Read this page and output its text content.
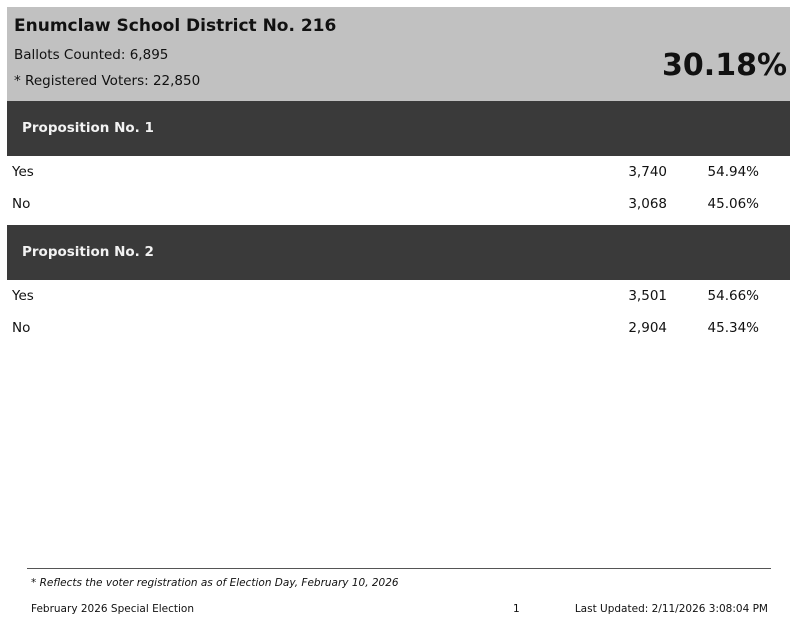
Enumclaw School District No. 216
Ballots Counted: 6,895
* Registered Voters: 22,850	30.18%
Proposition No. 1
Yes	3,740	54.94%
No	3,068	45.06%
Proposition No. 2
Yes	3,501	54.66%
No	2,904	45.34%
* Reflects the voter registration as of Election Day, February 10, 2026
February 2026 Special Election	1	Last Updated: 2/11/2026 3:08:04 PM
